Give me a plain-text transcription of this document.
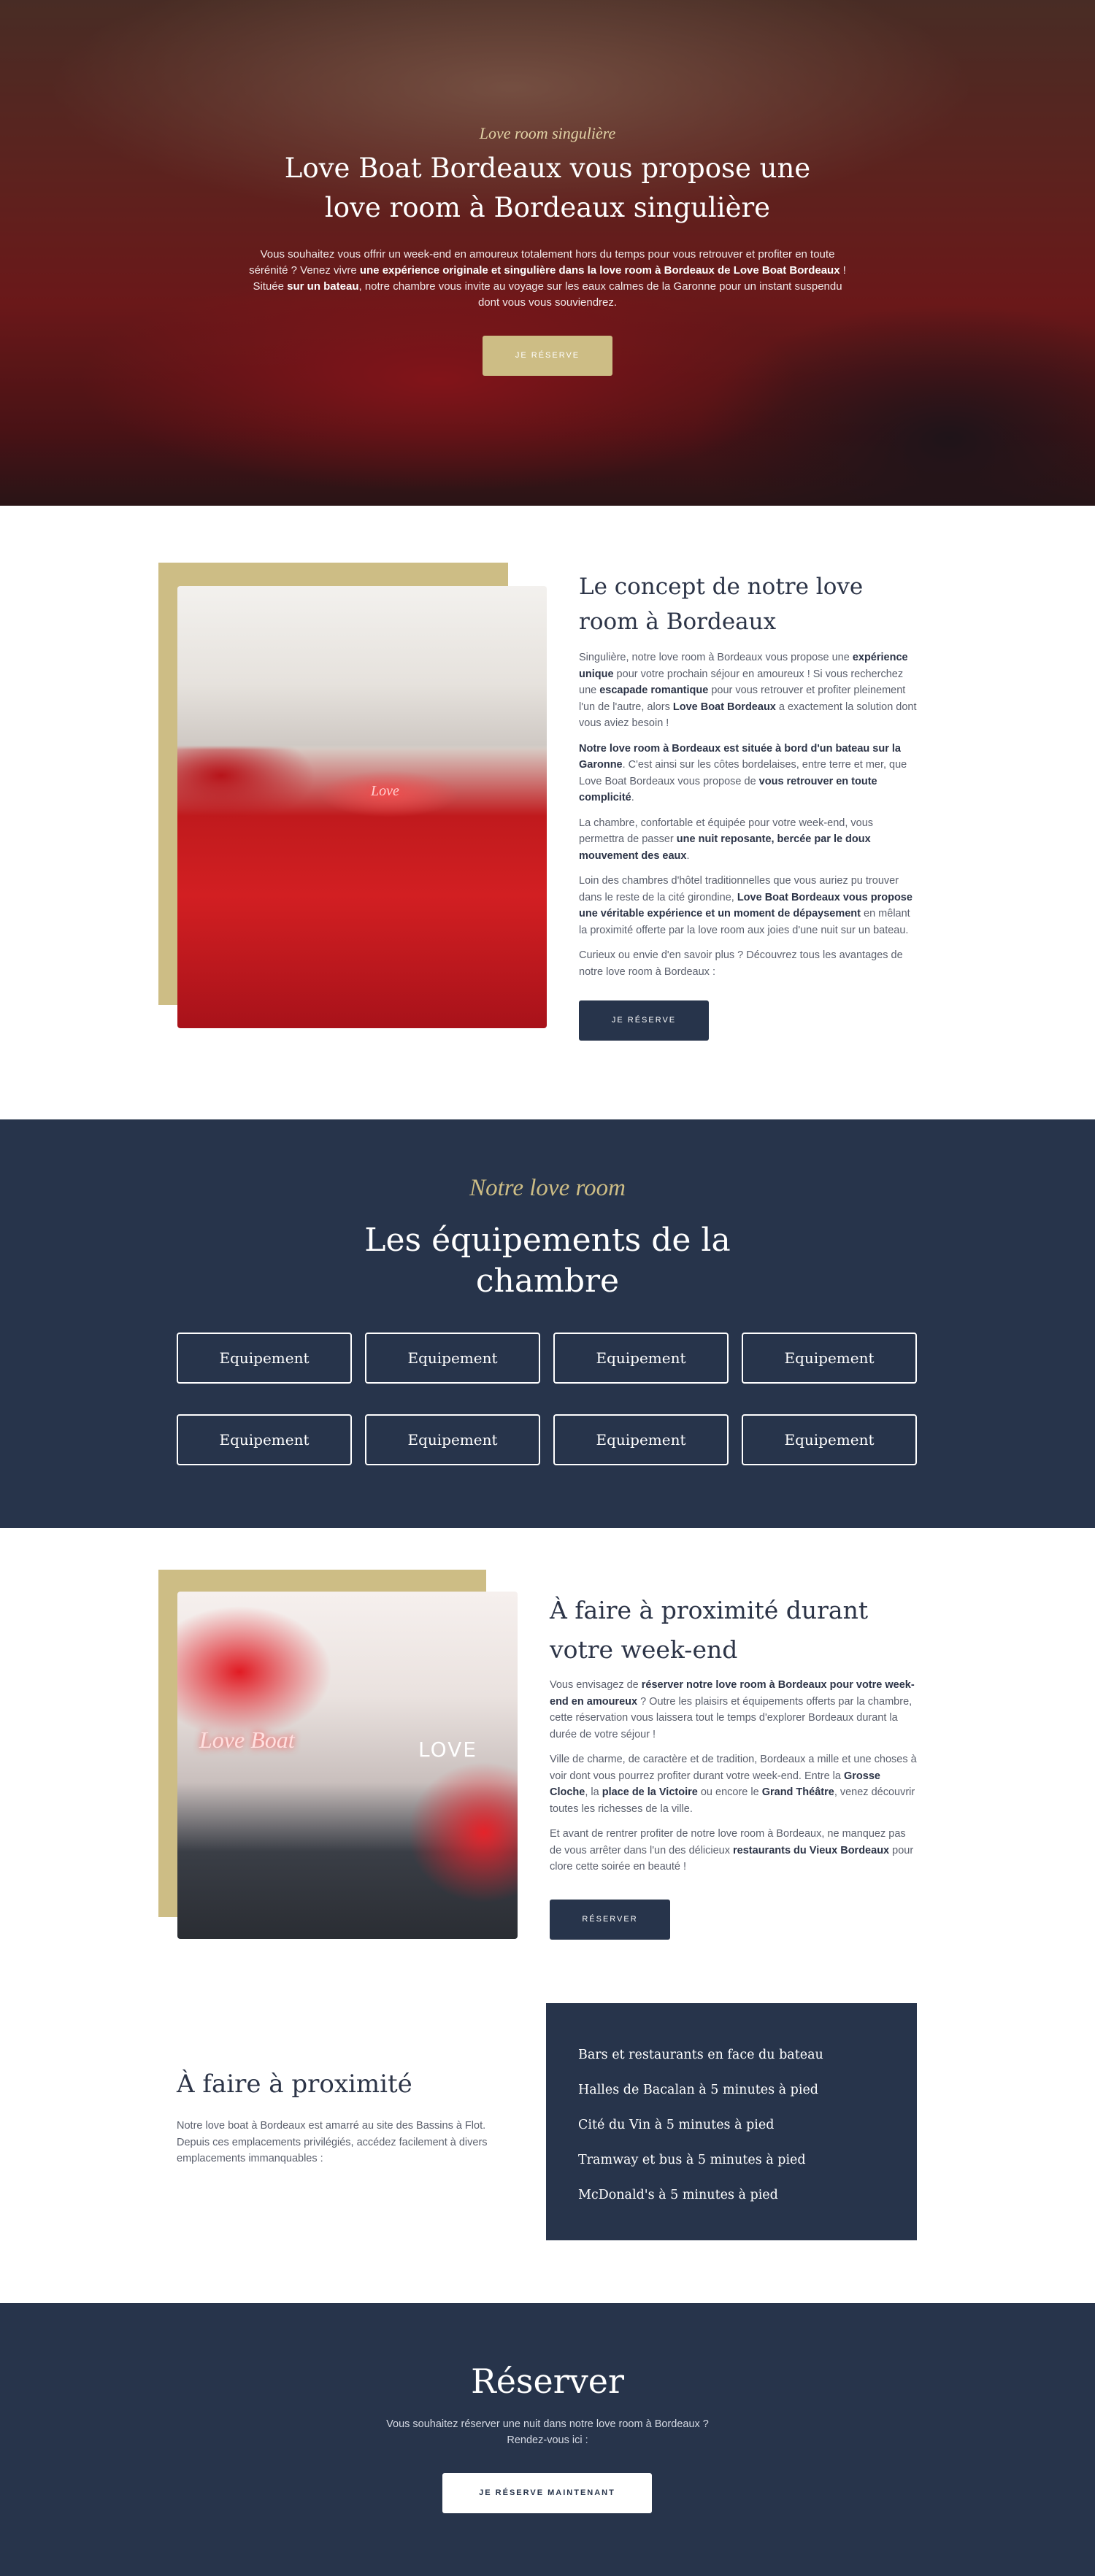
Love room singulière
Love Boat Bordeaux vous propose une love room à Bordeaux singulière

Vous souhaitez vous offrir un week-end en amoureux totalement hors du temps pour vous retrouver et profiter en toute sérénité ? Venez vivre une expérience originale et singulière dans la love room à Bordeaux de Love Boat Bordeaux ! Située sur un bateau, notre chambre vous invite au voyage sur les eaux calmes de la Garonne pour un instant suspendu dont vous vous souviendrez.

JE RÉSERVE
Love
Le concept de notre love room à Bordeaux

Singulière, notre love room à Bordeaux vous propose une expérience unique pour votre prochain séjour en amoureux ! Si vous recherchez une escapade romantique pour vous retrouver et profiter pleinement l'un de l'autre, alors Love Boat Bordeaux a exactement la solution dont vous aviez besoin !

Notre love room à Bordeaux est située à bord d'un bateau sur la Garonne. C'est ainsi sur les côtes bordelaises, entre terre et mer, que Love Boat Bordeaux vous propose de vous retrouver en toute complicité.

La chambre, confortable et équipée pour votre week-end, vous permettra de passer une nuit reposante, bercée par le doux mouvement des eaux.

Loin des chambres d'hôtel traditionnelles que vous auriez pu trouver dans le reste de la cité girondine, Love Boat Bordeaux vous propose une véritable expérience et un moment de dépaysement en mêlant la proximité offerte par la love room aux joies d'une nuit sur un bateau.

Curieux ou envie d'en savoir plus ? Découvrez tous les avantages de notre love room à Bordeaux :

JE RÉSERVE
Notre love room
Les équipements de la chambre
Equipement	Equipement	Equipement	Equipement
Equipement	Equipement	Equipement	Equipement
Love Boat	LOVE
À faire à proximité durant votre week-end

Vous envisagez de réserver notre love room à Bordeaux pour votre week-end en amoureux ? Outre les plaisirs et équipements offerts par la chambre, cette réservation vous laissera tout le temps d'explorer Bordeaux durant la durée de votre séjour !

Ville de charme, de caractère et de tradition, Bordeaux a mille et une choses à voir dont vous pourrez profiter durant votre week-end. Entre la Grosse Cloche, la place de la Victoire ou encore le Grand Théâtre, venez découvrir toutes les richesses de la ville.

Et avant de rentrer profiter de notre love room à Bordeaux, ne manquez pas de vous arrêter dans l'un des délicieux restaurants du Vieux Bordeaux pour clore cette soirée en beauté !

RÉSERVER
À faire à proximité

Notre love boat à Bordeaux est amarré au site des Bassins à Flot. Depuis ces emplacements privilégiés, accédez facilement à divers emplacements immanquables :

Bars et restaurants en face du bateau
Halles de Bacalan à 5 minutes à pied
Cité du Vin à 5 minutes à pied
Tramway et bus à 5 minutes à pied
McDonald's à 5 minutes à pied
Réserver
Vous souhaitez réserver une nuit dans notre love room à Bordeaux ?
Rendez-vous ici :
JE RÉSERVE MAINTENANT
